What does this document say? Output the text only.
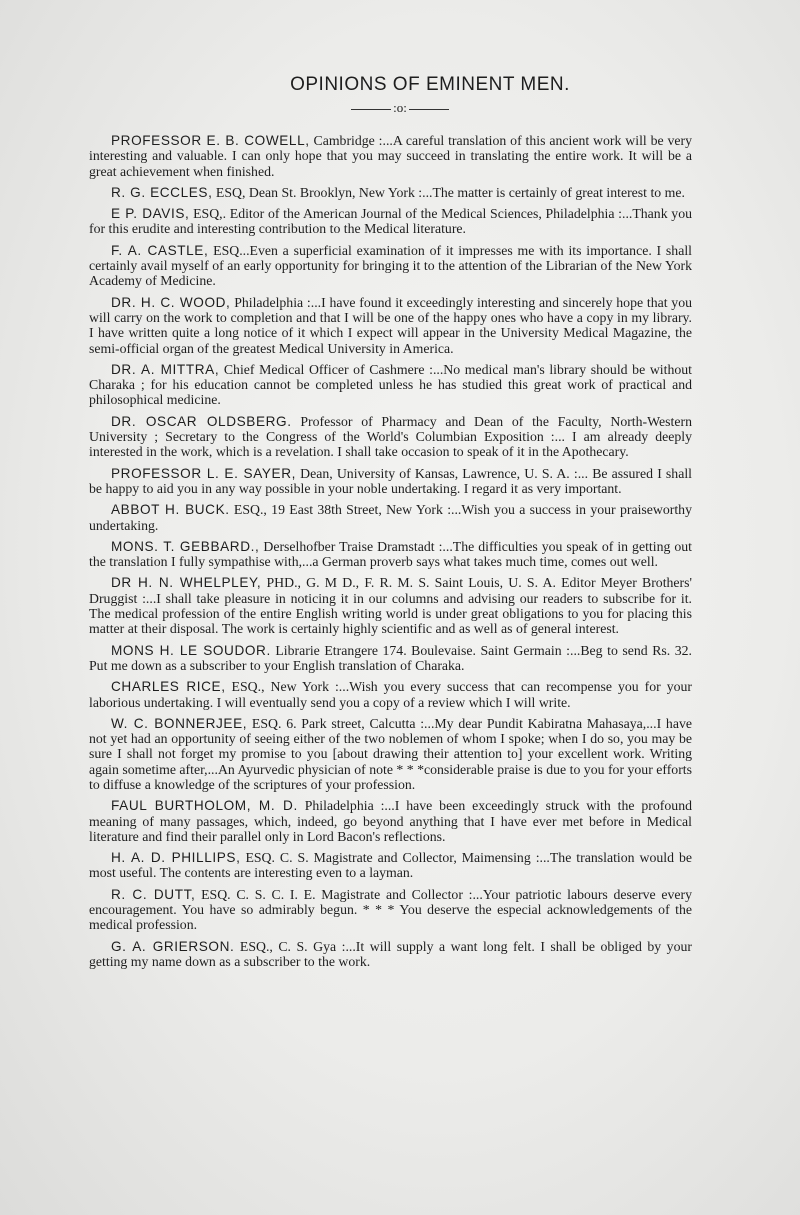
OPINIONS OF EMINENT MEN.
:o:

PROFESSOR E. B. COWELL, Cambridge :...A careful translation of this ancient work will be very interesting and valuable. I can only hope that you may succeed in translating the entire work. It will be a great achievement when finished.

R. G. ECCLES, ESQ, Dean St. Brooklyn, New York :...The matter is certainly of great interest to me.

E P. DAVIS, ESQ,. Editor of the American Journal of the Medical Sciences, Philadelphia :...Thank you for this erudite and interesting contribution to the Medical literature.

F. A. CASTLE, ESQ...Even a superficial examination of it impresses me with its importance. I shall certainly avail myself of an early opportunity for bringing it to the attention of the Librarian of the New York Academy of Medicine.

DR. H. C. WOOD, Philadelphia :...I have found it exceedingly interesting and sincerely hope that you will carry on the work to completion and that I will be one of the happy ones who have a copy in my library. I have written quite a long notice of it which I expect will appear in the University Medical Magazine, the semi-official organ of the greatest Medical University in America.

DR. A. MITTRA, Chief Medical Officer of Cashmere :...No medical man's library should be without Charaka ; for his education cannot be completed unless he has studied this great work of practical and philosophical medicine.

DR. OSCAR OLDSBERG. Professor of Pharmacy and Dean of the Faculty, North-Western University ; Secretary to the Congress of the World's Columbian Exposition :... I am already deeply interested in the work, which is a revelation. I shall take occasion to speak of it in the Apothecary.

PROFESSOR L. E. SAYER, Dean, University of Kansas, Lawrence, U. S. A. :... Be assured I shall be happy to aid you in any way possible in your noble undertaking. I regard it as very important.

ABBOT H. BUCK. ESQ., 19 East 38th Street, New York :...Wish you a success in your praiseworthy undertaking.

MONS. T. GEBBARD., Derselhofber Traise Dramstadt :...The difficulties you speak of in getting out the translation I fully sympathise with,...a German proverb says what takes much time, comes out well.

DR H. N. WHELPLEY, PHD., G. M D., F. R. M. S. Saint Louis, U. S. A. Editor Meyer Brothers' Druggist :...I shall take pleasure in noticing it in our columns and advising our readers to subscribe for it. The medical profession of the entire English writing world is under great obligations to you for placing this matter at their disposal. The work is certainly highly scientific and as well as of general interest.

MONS H. LE SOUDOR. Librarie Etrangere 174. Boulevaise. Saint Germain :...Beg to send Rs. 32. Put me down as a subscriber to your English translation of Charaka.

CHARLES RICE, ESQ., New York :...Wish you every success that can recompense you for your laborious undertaking. I will eventually send you a copy of a review which I will write.

W. C. BONNERJEE, ESQ. 6. Park street, Calcutta :...My dear Pundit Kabiratna Mahasaya,...I have not yet had an opportunity of seeing either of the two noblemen of whom I spoke; when I do so, you may be sure I shall not forget my promise to you [about drawing their attention to] your excellent work. Writing again sometime after,...An Ayurvedic physician of note * * *considerable praise is due to you for your efforts to diffuse a knowledge of the scriptures of your profession.

FAUL BURTHOLOM, M. D. Philadelphia :...I have been exceedingly struck with the profound meaning of many passages, which, indeed, go beyond anything that I have ever met before in Medical literature and find their parallel only in Lord Bacon's reflections.

H. A. D. PHILLIPS, ESQ. C. S. Magistrate and Collector, Maimensing :...The translation would be most useful. The contents are interesting even to a layman.

R. C. DUTT, ESQ. C. S. C. I. E. Magistrate and Collector :...Your patriotic labours deserve every encouragement. You have so admirably begun. * * * You deserve the especial acknowledgements of the medical profession.

G. A. GRIERSON. ESQ., C. S. Gya :...It will supply a want long felt. I shall be obliged by your getting my name down as a subscriber to the work.
